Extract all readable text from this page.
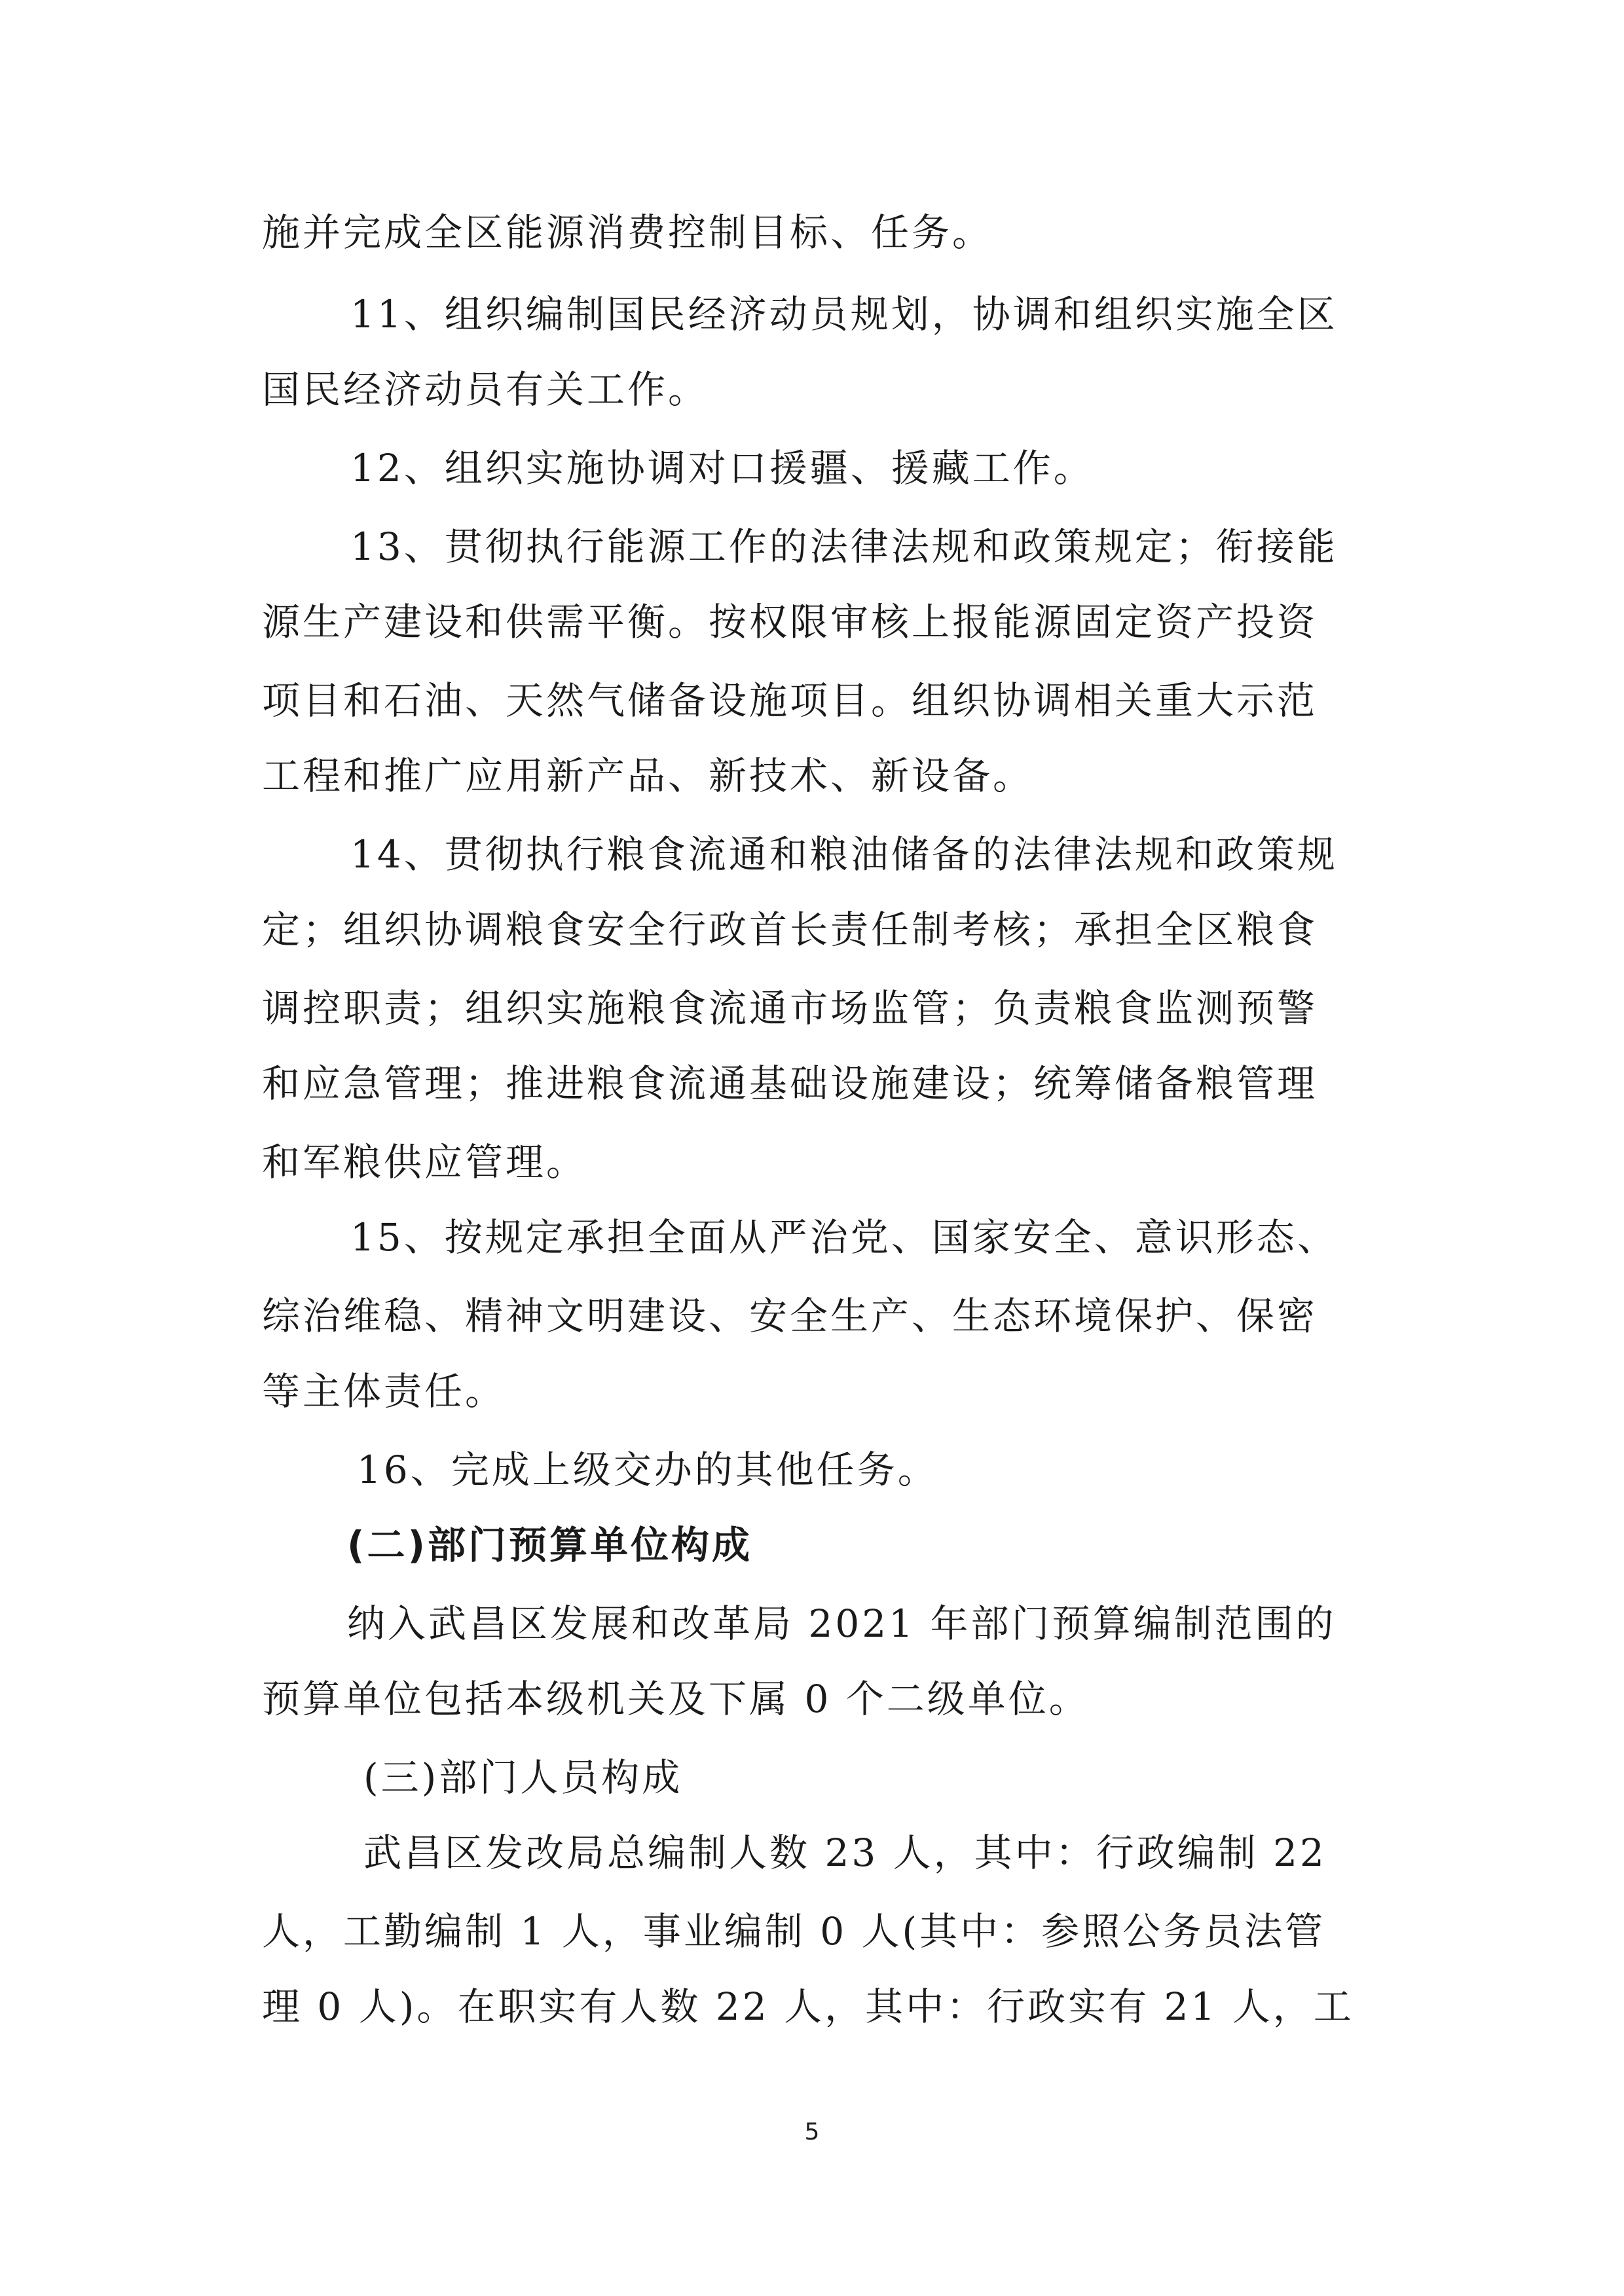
施并完成全区能源消费控制目标、任务。
11、组织编制国民经济动员规划，协调和组织实施全区
国民经济动员有关工作。
12、组织实施协调对口援疆、援藏工作。
13、贯彻执行能源工作的法律法规和政策规定；衔接能
源生产建设和供需平衡。按权限审核上报能源固定资产投资
项目和石油、天然气储备设施项目。组织协调相关重大示范
工程和推广应用新产品、新技术、新设备。
14、贯彻执行粮食流通和粮油储备的法律法规和政策规
定；组织协调粮食安全行政首长责任制考核；承担全区粮食
调控职责；组织实施粮食流通市场监管；负责粮食监测预警
和应急管理；推进粮食流通基础设施建设；统筹储备粮管理
和军粮供应管理。
15、按规定承担全面从严治党、国家安全、意识形态、
综治维稳、精神文明建设、安全生产、生态环境保护、保密
等主体责任。
16、完成上级交办的其他任务。
(二)部门预算单位构成
纳入武昌区发展和改革局 2021 年部门预算编制范围的
预算单位包括本级机关及下属 0 个二级单位。
(三)部门人员构成
武昌区发改局总编制人数 23 人，其中：行政编制 22
人，工勤编制 1 人，事业编制 0 人(其中：参照公务员法管
理 0 人)。在职实有人数 22 人，其中：行政实有 21 人，工
5
